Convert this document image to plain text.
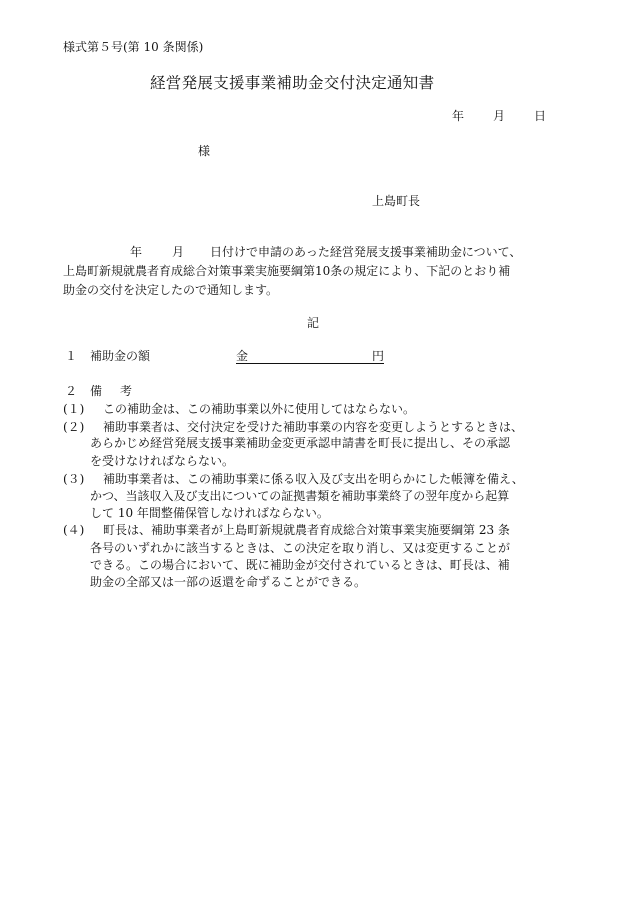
様式第５号(第 10 条関係)
経営発展支援事業補助金交付決定通知書
年 月 日
様
上島町長
年 月 日付けで申請のあった経営発展支援事業補助金について、
上島町新規就農者育成総合対策事業実施要綱第10条の規定により、下記のとおり補
助金の交付を決定したので通知します。
記
１ 補助金の額	金	円
２ 備 考
(１) この補助金は、この補助事業以外に使用してはならない。
(２) 補助事業者は、交付決定を受けた補助事業の内容を変更しようとするときは、
あらかじめ経営発展支援事業補助金変更承認申請書を町長に提出し、その承認
を受けなければならない。
(３) 補助事業者は、この補助事業に係る収入及び支出を明らかにした帳簿を備え、
かつ、当該収入及び支出についての証拠書類を補助事業終了の翌年度から起算
して 10 年間整備保管しなければならない。
(４) 町長は、補助事業者が上島町新規就農者育成総合対策事業実施要綱第 23 条
各号のいずれかに該当するときは、この決定を取り消し、又は変更することが
できる。この場合において、既に補助金が交付されているときは、町長は、補
助金の全部又は一部の返還を命ずることができる。
